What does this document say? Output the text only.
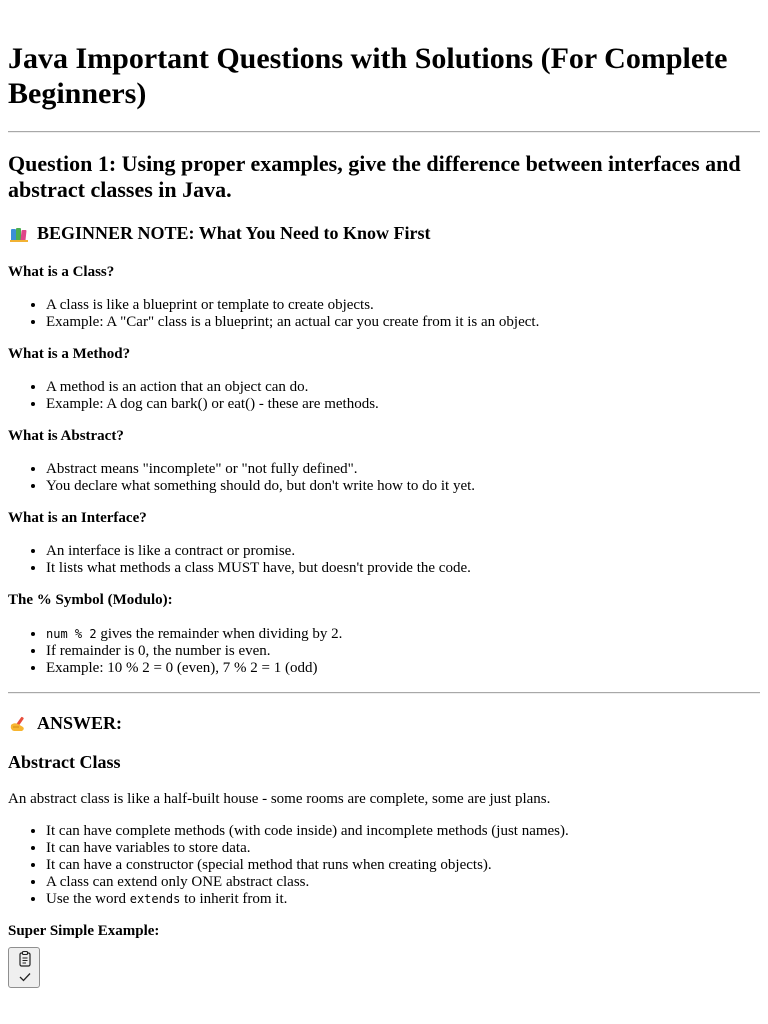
Java Important Questions with Solutions (For Complete Beginners)
Question 1: Using proper examples, give the difference between interfaces and abstract classes in Java.
BEGINNER NOTE: What You Need to Know First
What is a Class?
• A class is like a blueprint or template to create objects.
• Example: A "Car" class is a blueprint; an actual car you create from it is an object.
What is a Method?
• A method is an action that an object can do.
• Example: A dog can bark() or eat() - these are methods.
What is Abstract?
• Abstract means "incomplete" or "not fully defined".
• You declare what something should do, but don't write how to do it yet.
What is an Interface?
• An interface is like a contract or promise.
• It lists what methods a class MUST have, but doesn't provide the code.
The % Symbol (Modulo):
• num % 2 gives the remainder when dividing by 2.
• If remainder is 0, the number is even.
• Example: 10 % 2 = 0 (even), 7 % 2 = 1 (odd)
ANSWER:
Abstract Class

An abstract class is like a half-built house - some rooms are complete, some are just plans.

• It can have complete methods (with code inside) and incomplete methods (just names).
• It can have variables to store data.
• It can have a constructor (special method that runs when creating objects).
• A class can extend only ONE abstract class.
• Use the word extends to inherit from it.
Super Simple Example:
